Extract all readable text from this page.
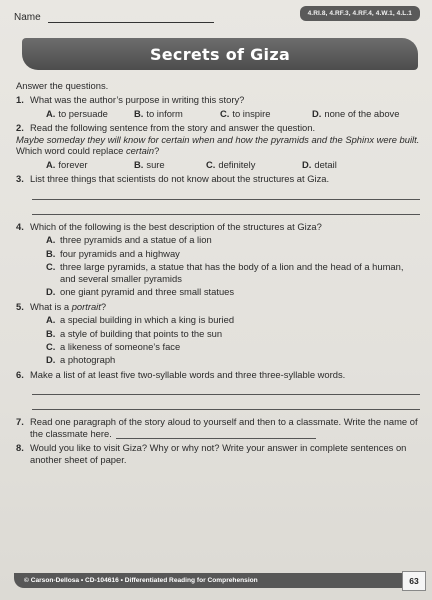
Name	4.RI.8, 4.RF.3, 4.RF.4, 4.W.1, 4.L.1
Secrets of Giza

Answer the questions.

1. What was the author’s purpose in writing this story?
A. to persuade	B. to inform	C. to inspire	D. none of the above
2. Read the following sentence from the story and answer the question.

Maybe someday they will know for certain when and how the pyramids and the Sphinx were built.

Which word could replace certain?

A. forever	B. sure	C. definitely	D. detail
3. List three things that scientists do not know about the structures at Giza.
4. Which of the following is the best description of the structures at Giza?
A. three pyramids and a statue of a lion
B. four pyramids and a highway
C. three large pyramids, a statue that has the body of a lion and the head of a human, and several smaller pyramids
D. one giant pyramid and three small statues
5. What is a portrait?
A. a special building in which a king is buried
B. a style of building that points to the sun
C. a likeness of someone’s face
D. a photograph
6. Make a list of at least five two-syllable words and three three-syllable words.
7. Read one paragraph of the story aloud to yourself and then to a classmate. Write the name of the classmate here.
8. Would you like to visit Giza? Why or why not? Write your answer in complete sentences on another sheet of paper.
© Carson-Dellosa • CD-104616 • Differentiated Reading for Comprehension	63
